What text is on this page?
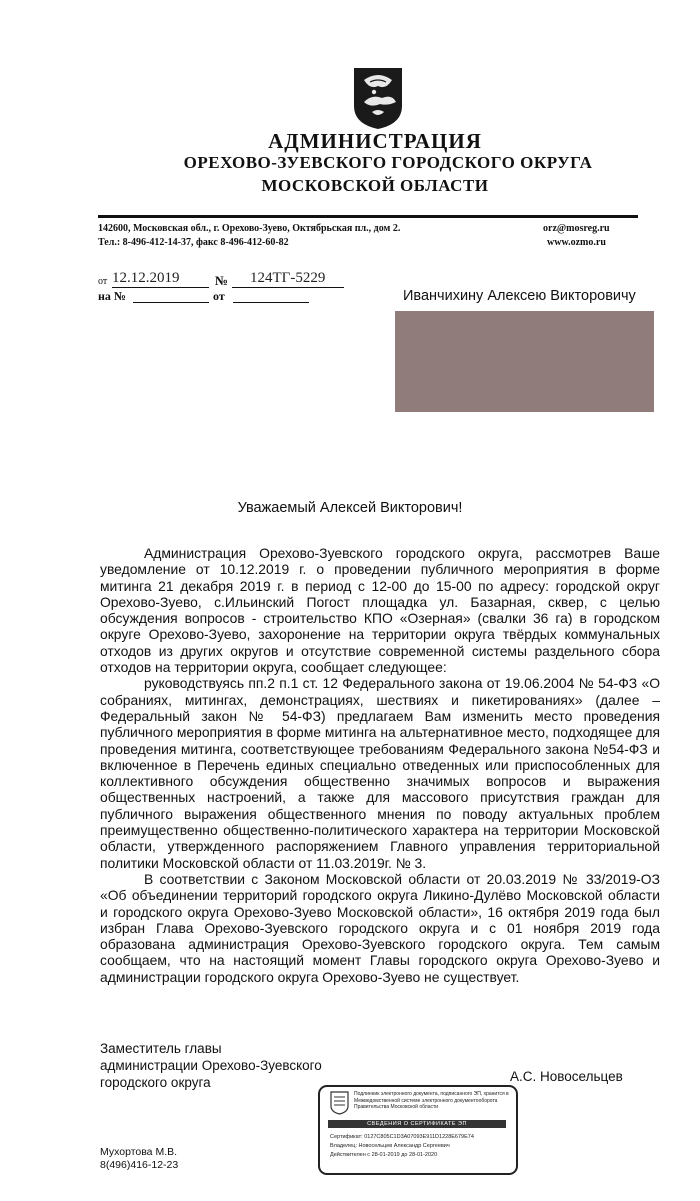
АДМИНИСТРАЦИЯ
ОРЕХОВО-ЗУЕВСКОГО ГОРОДСКОГО ОКРУГА
МОСКОВСКОЙ ОБЛАСТИ
142600, Московская обл., г. Орехово-Зуево, Октябрьская пл., дом 2.
Тел.: 8-496-412-14-37, факс 8-496-412-60-82
orz@mosreg.ru
www.ozmo.ru
от 12.12.2019	№	124ТГ-5229
на №	от	Иванчихину Алексею Викторовичу
Уважаемый Алексей Викторович!

Администрация Орехово-Зуевского городского округа, рассмотрев Ваше уведомление от 10.12.2019 г. о проведении публичного мероприятия в форме митинга 21 декабря 2019 г. в период с 12-00 до 15-00 по адресу: городской округ Орехово-Зуево, с.Ильинский Погост площадка ул. Базарная, сквер, с целью обсуждения вопросов - строительство КПО «Озерная» (свалки 36 га) в городском округе Орехово-Зуево, захоронение на территории округа твёрдых коммунальных отходов из других округов и отсутствие современной системы раздельного сбора отходов на территории округа, сообщает следующее:

руководствуясь пп.2 п.1 ст. 12 Федерального закона от 19.06.2004 № 54-ФЗ «О собраниях, митингах, демонстрациях, шествиях и пикетированиях» (далее – Федеральный закон № 54-ФЗ) предлагаем Вам изменить место проведения публичного мероприятия в форме митинга на альтернативное место, подходящее для проведения митинга, соответствующее требованиям Федерального закона №54-ФЗ и включенное в Перечень единых специально отведенных или приспособленных для коллективного обсуждения общественно значимых вопросов и выражения общественных настроений, а также для массового присутствия граждан для публичного выражения общественного мнения по поводу актуальных проблем преимущественно общественно-политического характера на территории Московской области, утвержденного распоряжением Главного управления территориальной политики Московской области от 11.03.2019г. № 3.

В соответствии с Законом Московской области от 20.03.2019 № 33/2019-ОЗ «Об объединении территорий городского округа Ликино-Дулёво Московской области и городского округа Орехово-Зуево Московской области», 16 октября 2019 года был избран Глава Орехово-Зуевского городского округа и с 01 ноября 2019 года образована администрация Орехово-Зуевского городского округа. Тем самым сообщаем, что на настоящий момент Главы городского округа Орехово-Зуево и администрации городского округа Орехово-Зуево не существует.

Заместитель главы
администрации Орехово-Зуевского
городского округа	А.С. Новосельцев
Подлинник электронного документа, подписанного ЭП, хранится в Межведомственной системе электронного документооборота Правительства Московской области
СВЕДЕНИЯ О СЕРТИФИКАТЕ ЭП
Сертификат: 0127C805C1D3A07093E911D1228E679E74
Владелец: Новосельцев Александр Сергеевич
Действителен с 28-01-2019 до 28-01-2020
Мухортова М.В.
8(496)416-12-23
